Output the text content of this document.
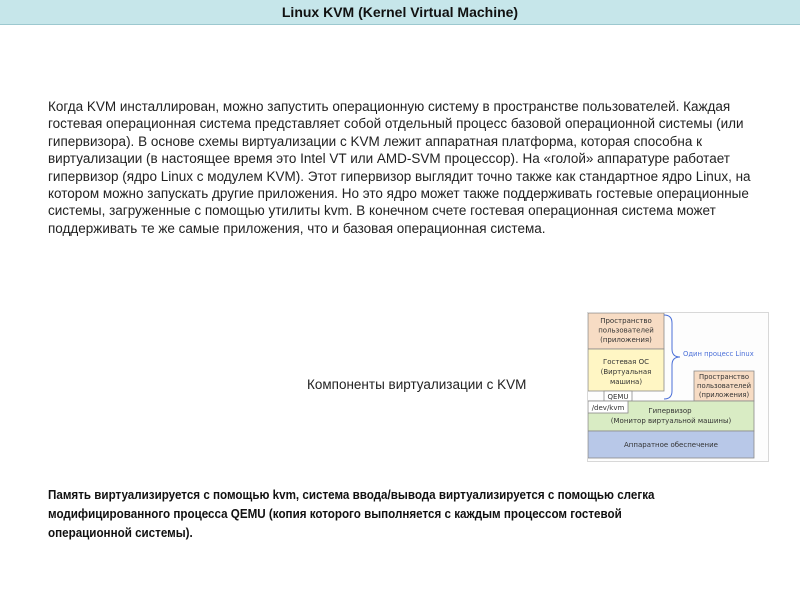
Linux KVM (Kernel Virtual Machine)
Когда KVM инсталлирован, можно запустить операционную систему в пространстве пользователей. Каждая гостевая операционная система представляет собой отдельный процесс базовой операционной системы (или гипервизора). В основе схемы виртуализации с KVM лежит аппаратная платформа, которая способна к виртуализации (в настоящее время это Intel VT или AMD-SVM процессор). На «голой» аппаратуре работает гипервизор (ядро Linux с модулем KVM). Этот гипервизор выглядит точно также как стандартное ядро Linux, на котором можно запускать другие приложения. Но это ядро может также поддерживать гостевые операционные системы, загруженные с помощью утилиты kvm. В конечном счете гостевая операционная система может поддерживать те же самые приложения, что и базовая операционная система.
Компоненты виртуализации с KVM
Пространство
пользователей
(приложения)
Гостевая ОС
(Виртуальная
машина)
QEMU
Один процесс Linux
Пространство
пользователей
(приложения)
/dev/kvm	Гипервизор
(Монитор виртуальной машины)
Аппаратное обеспечение
Память виртуализируется с помощью kvm, система ввода/вывода виртуализируется с помощью слегка модифицированного процесса QEMU (копия которого выполняется с каждым процессом гостевой операционной системы).
